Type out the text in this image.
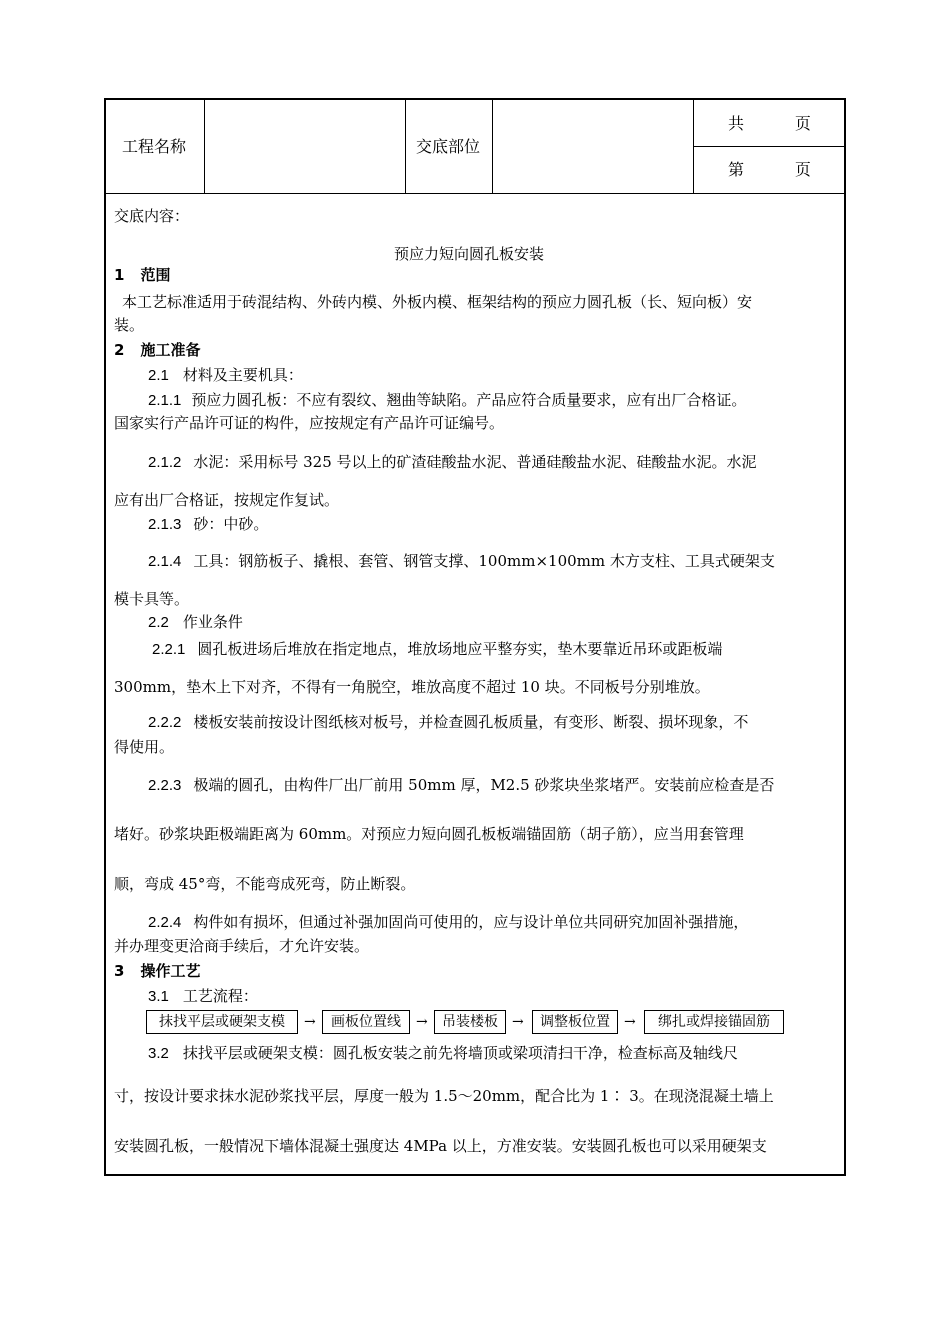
工程名称	交底部位
共          页
第          页
交底内容：
预应力短向圆孔板安装
1 范围
本工艺标准适用于砖混结构、外砖内模、外板内模、框架结构的预应力圆孔板（长、短向板）安
装。
2 施工准备
2.1 材料及主要机具：
2.1.1 预应力圆孔板：不应有裂纹、翘曲等缺陷。产品应符合质量要求，应有出厂合格证。
国家实行产品许可证的构件，应按规定有产品许可证编号。
2.1.2 水泥：采用标号 325 号以上的矿渣硅酸盐水泥、普通硅酸盐水泥、硅酸盐水泥。水泥
应有出厂合格证，按规定作复试。
2.1.3 砂：中砂。
2.1.4 工具：钢筋板子、撬根、套管、钢管支撑、100mm×100mm 木方支柱、工具式硬架支
模卡具等。
2.2 作业条件
2.2.1 圆孔板进场后堆放在指定地点，堆放场地应平整夯实，垫木要靠近吊环或距板端
300mm，垫木上下对齐，不得有一角脱空，堆放高度不超过 10 块。不同板号分别堆放。
2.2.2 楼板安装前按设计图纸核对板号，并检查圆孔板质量，有变形、断裂、损坏现象，不
得使用。
2.2.3 极端的圆孔，由构件厂出厂前用 50mm 厚，M2.5 砂浆块坐浆堵严。安装前应检查是否
堵好。砂浆块距极端距离为 60mm。对预应力短向圆孔板板端锚固筋（胡子筋），应当用套管理
顺，弯成 45°弯，不能弯成死弯，防止断裂。
2.2.4 构件如有损坏，但通过补强加固尚可使用的，应与设计单位共同研究加固补强措施，
并办理变更洽商手续后，才允许安装。
3 操作工艺
3.1 工艺流程：
3.2 抹找平层或硬架支模：圆孔板安装之前先将墙顶或梁项清扫干净，检查标高及轴线尺
寸，按设计要求抹水泥砂浆找平层，厚度一般为 1.5～20mm，配合比为 1∶ 3。在现浇混凝土墙上
安装圆孔板，一般情况下墙体混凝土强度达 4MPa 以上，方准安装。安装圆孔板也可以采用硬架支
抹找平层或硬架支模	→	画板位置线	→	吊装楼板	→	调整板位置	→	绑扎或焊接锚固筋
